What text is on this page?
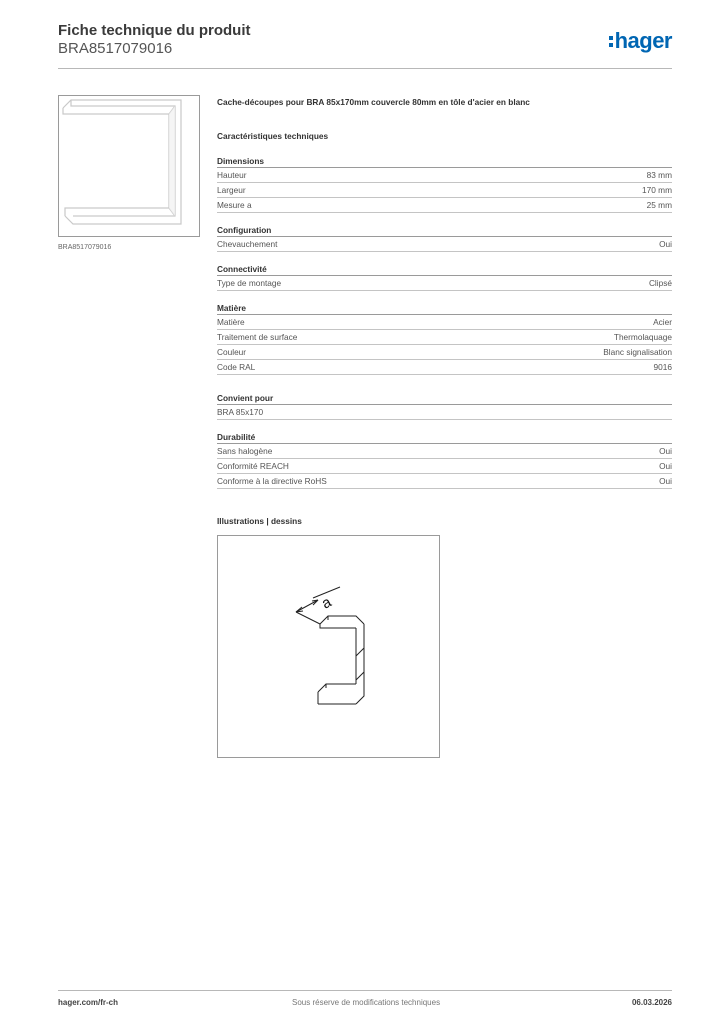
Fiche technique du produit
BRA8517079016	hager
BRA8517079016
Cache-découpes pour BRA 85x170mm couvercle 80mm en tôle d'acier en blanc
Caractéristiques techniques
Dimensions
Hauteur	83 mm
Largeur	170 mm
Mesure a	25 mm
Configuration
Chevauchement	Oui
Connectivité
Type de montage	Clipsé
Matière
Matière	Acier
Traitement de surface	Thermolaquage
Couleur	Blanc signalisation
Code RAL	9016
Convient pour
BRA 85x170
Durabilité
Sans halogène	Oui
Conformité REACH	Oui
Conforme à la directive RoHS	Oui
Illustrations | dessins
a
hager.com/fr-ch	Sous réserve de modifications techniques	06.03.2026
